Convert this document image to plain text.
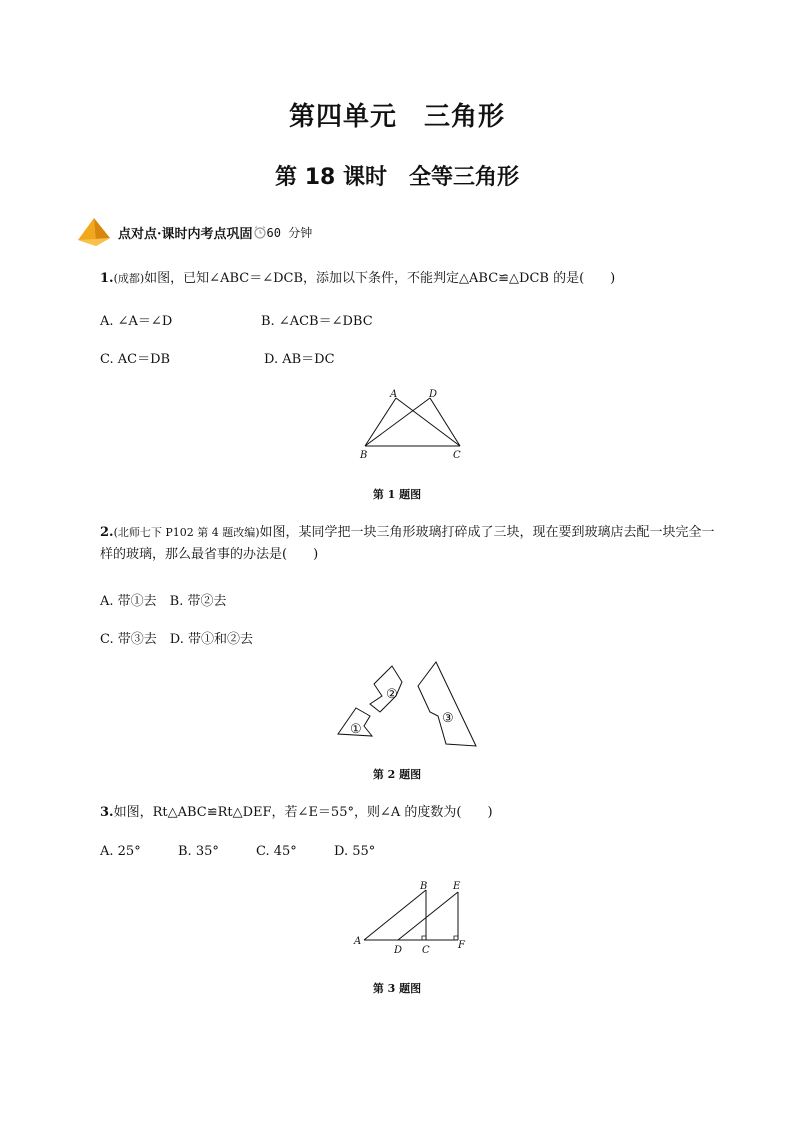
第四单元　三角形
第 18 课时　全等三角形
点对点·课时内考点巩固 60 分钟
1.(成都)如图，已知∠ABC＝∠DCB，添加以下条件，不能判定△ABC≌△DCB 的是(　　)
A. ∠A＝∠D	B. ∠ACB＝∠DBC
C. AC＝DB	D. AB＝DC
A	D
B	C
第 1 题图
2.(北师七下 P102 第 4 题改编)如图，某同学把一块三角形玻璃打碎成了三块，现在要到玻璃店去配一块完全一样的玻璃，那么最省事的办法是(　　)
A. 带①去　B. 带②去
C. 带③去　D. 带①和②去
①
②
③
第 2 题图
3.如图，Rt△ABC≌Rt△DEF，若∠E＝55°，则∠A 的度数为(　　)
A. 25°	B. 35°	C. 45°	D. 55°
B	E
A
D C	F
第 3 题图
